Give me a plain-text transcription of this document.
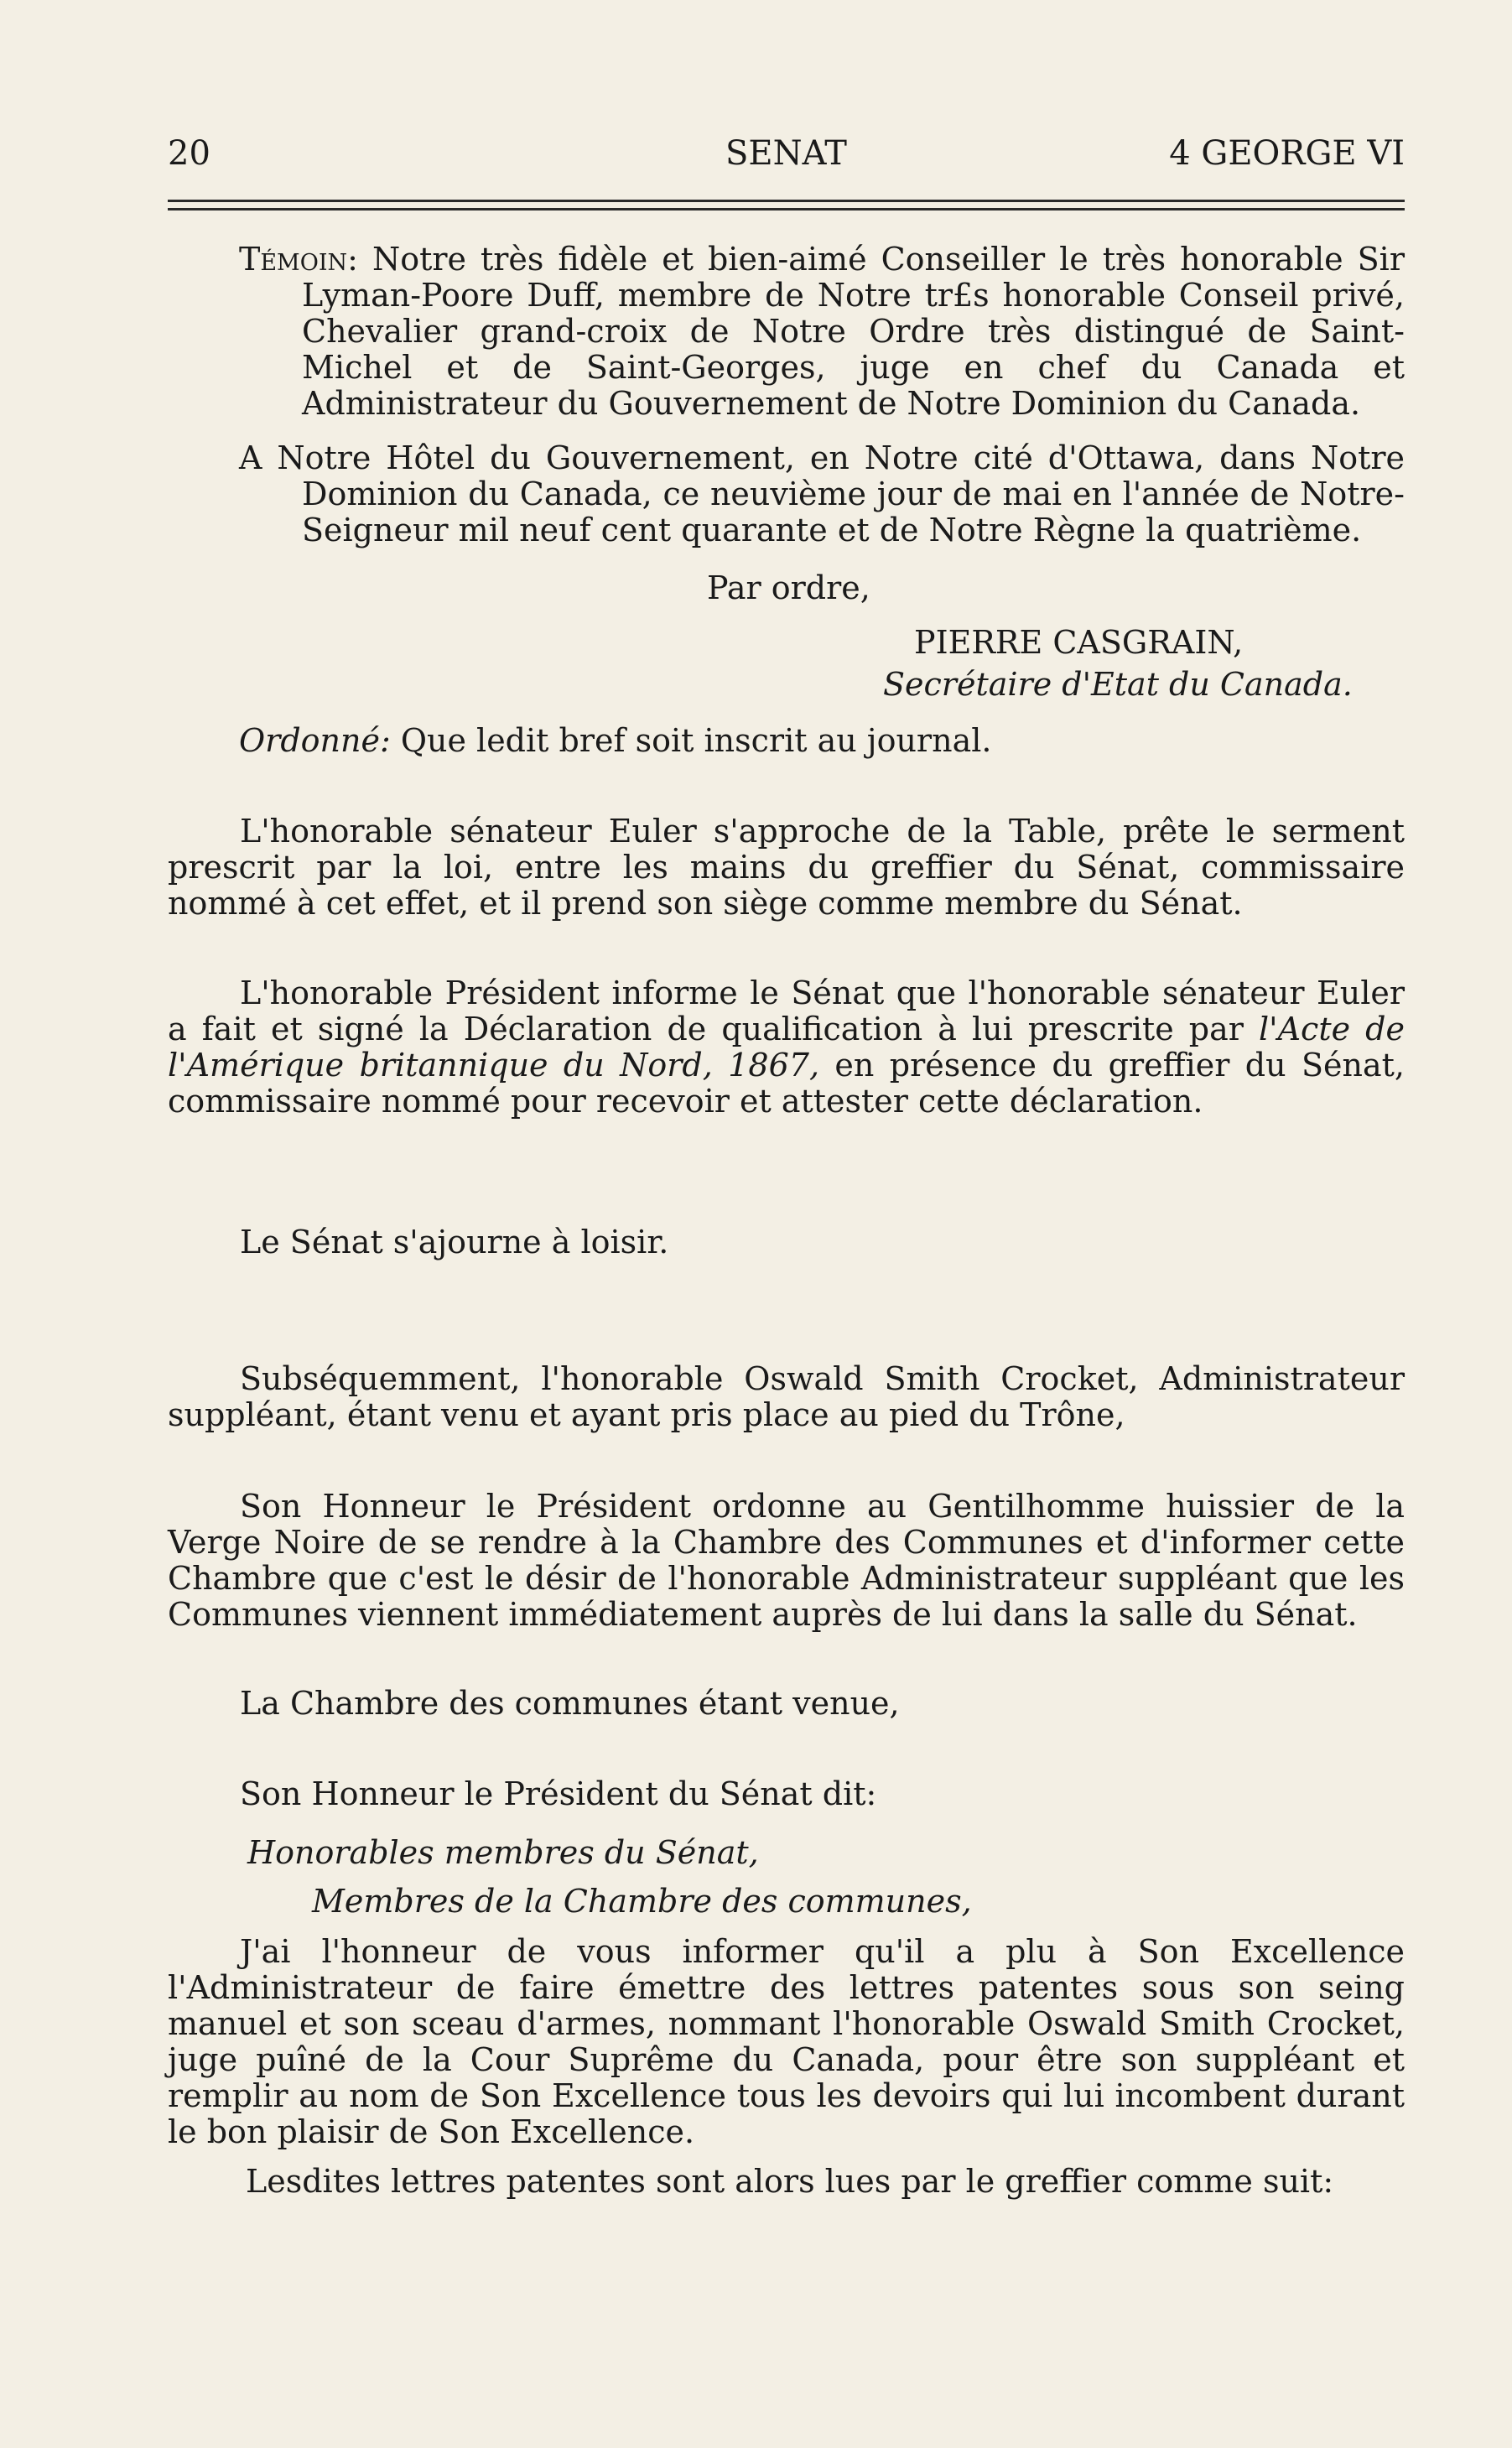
20	SENAT	4 GEORGE VI
Témoin: Notre très fidèle et bien-aimé Conseiller le très honorable Sir Lyman-Poore Duff, membre de Notre tr£s honorable Conseil privé, Chevalier grand-croix de Notre Ordre très distingué de Saint-Michel et de Saint-Georges, juge en chef du Canada et Administrateur du Gouvernement de Notre Dominion du Canada.
A Notre Hôtel du Gouvernement, en Notre cité d'Ottawa, dans Notre Dominion du Canada, ce neuvième jour de mai en l'année de Notre-Seigneur mil neuf cent quarante et de Notre Règne la quatrième.
Par ordre,
PIERRE CASGRAIN,
Secrétaire d'Etat du Canada.
Ordonné: Que ledit bref soit inscrit au journal.
L'honorable sénateur Euler s'approche de la Table, prête le serment prescrit par la loi, entre les mains du greffier du Sénat, commissaire nommé à cet effet, et il prend son siège comme membre du Sénat.
L'honorable Président informe le Sénat que l'honorable sénateur Euler a fait et signé la Déclaration de qualification à lui prescrite par l'Acte de l'Amérique britannique du Nord, 1867, en présence du greffier du Sénat, commissaire nommé pour recevoir et attester cette déclaration.
Le Sénat s'ajourne à loisir.
Subséquemment, l'honorable Oswald Smith Crocket, Administrateur suppléant, étant venu et ayant pris place au pied du Trône,
Son Honneur le Président ordonne au Gentilhomme huissier de la Verge Noire de se rendre à la Chambre des Communes et d'informer cette Chambre que c'est le désir de l'honorable Administrateur suppléant que les Communes viennent immédiatement auprès de lui dans la salle du Sénat.
La Chambre des communes étant venue,
Son Honneur le Président du Sénat dit:
Honorables membres du Sénat,
Membres de la Chambre des communes,
J'ai l'honneur de vous informer qu'il a plu à Son Excellence l'Administrateur de faire émettre des lettres patentes sous son seing manuel et son sceau d'armes, nommant l'honorable Oswald Smith Crocket, juge puîné de la Cour Suprême du Canada, pour être son suppléant et remplir au nom de Son Excellence tous les devoirs qui lui incombent durant le bon plaisir de Son Excellence.
Lesdites lettres patentes sont alors lues par le greffier comme suit:
